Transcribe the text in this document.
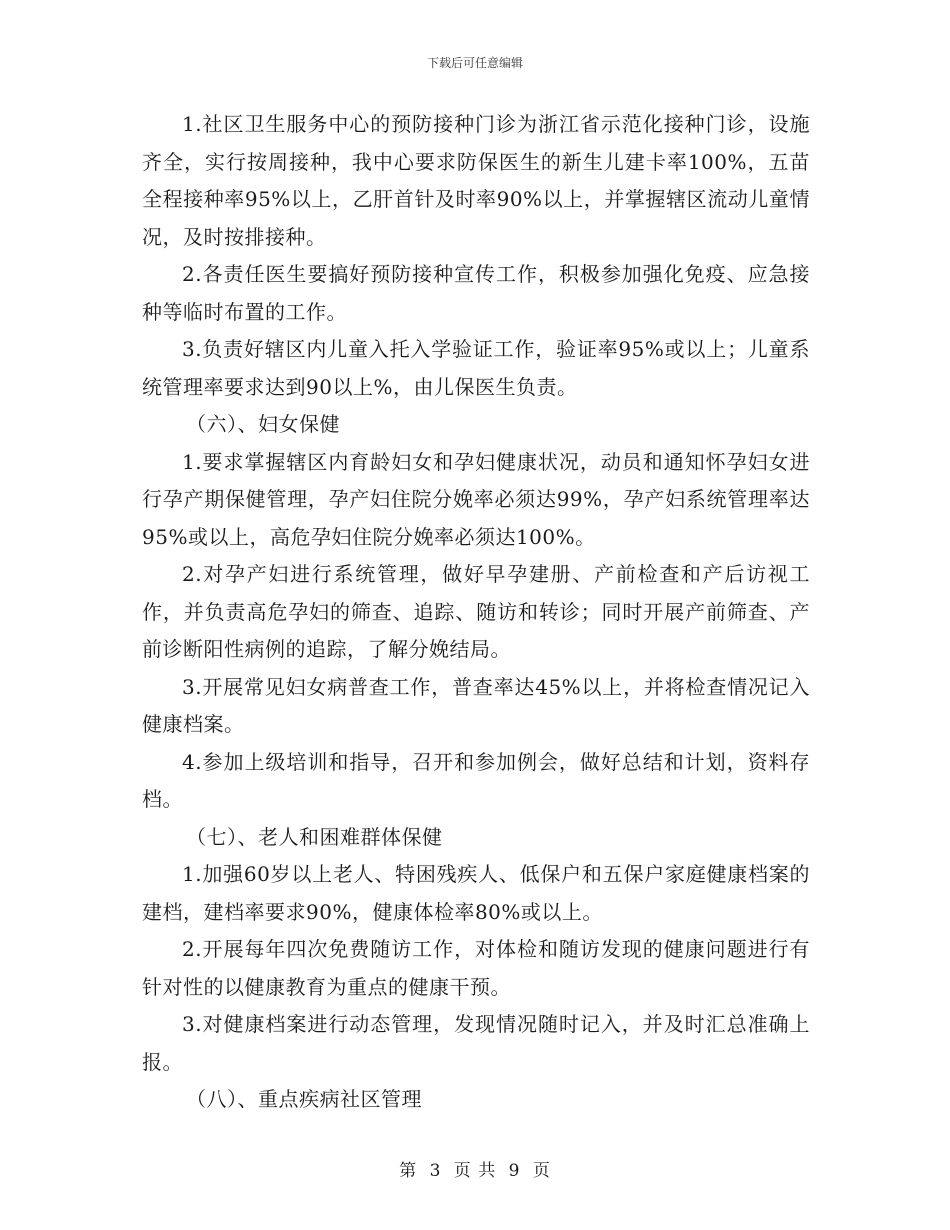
下载后可任意编辑

1.社区卫生服务中心的预防接种门诊为浙江省示范化接种门诊，设施齐全，实行按周接种，我中心要求防保医生的新生儿建卡率100%，五苗全程接种率95%以上，乙肝首针及时率90%以上，并掌握辖区流动儿童情况，及时按排接种。

2.各责任医生要搞好预防接种宣传工作，积极参加强化免疫、应急接种等临时布置的工作。

3.负责好辖区内儿童入托入学验证工作，验证率95%或以上；儿童系统管理率要求达到90以上%，由儿保医生负责。

（六）、妇女保健

1.要求掌握辖区内育龄妇女和孕妇健康状况，动员和通知怀孕妇女进行孕产期保健管理，孕产妇住院分娩率必须达99%，孕产妇系统管理率达95%或以上，高危孕妇住院分娩率必须达100%。

2.对孕产妇进行系统管理，做好早孕建册、产前检查和产后访视工作，并负责高危孕妇的筛查、追踪、随访和转诊；同时开展产前筛查、产前诊断阳性病例的追踪，了解分娩结局。

3.开展常见妇女病普查工作，普查率达45%以上，并将检查情况记入健康档案。

4.参加上级培训和指导，召开和参加例会，做好总结和计划，资料存档。

（七）、老人和困难群体保健

1.加强60岁以上老人、特困残疾人、低保户和五保户家庭健康档案的建档，建档率要求90%，健康体检率80%或以上。

2.开展每年四次免费随访工作，对体检和随访发现的健康问题进行有针对性的以健康教育为重点的健康干预。

3.对健康档案进行动态管理，发现情况随时记入，并及时汇总准确上报。

（八）、重点疾病社区管理

第 3 页 共 9 页
